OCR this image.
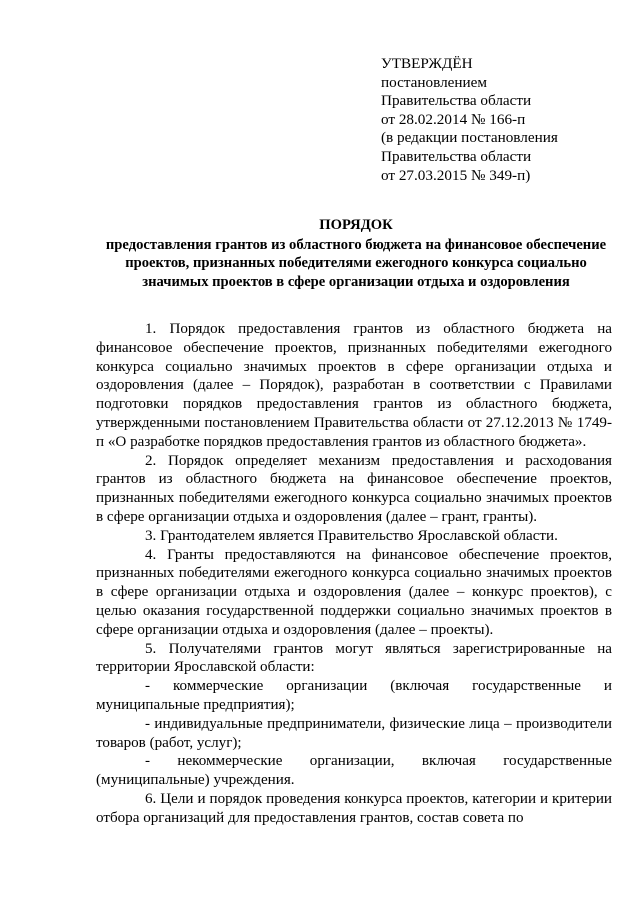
УТВЕРЖДЁН
постановлением
Правительства области
от 28.02.2014 № 166-п
(в редакции постановления
Правительства области
от 27.03.2015 № 349-п)
ПОРЯДОК
предоставления грантов из областного бюджета на финансовое обеспечение проектов, признанных победителями ежегодного конкурса социально значимых проектов в сфере организации отдыха и оздоровления

1. Порядок предоставления грантов из областного бюджета на финансовое обеспечение проектов, признанных победителями ежегодного конкурса социально значимых проектов в сфере организации отдыха и оздоровления (далее – Порядок), разработан в соответствии с Правилами подготовки порядков предоставления грантов из областного бюджета, утвержденными постановлением Правительства области от 27.12.2013 № 1749-п «О разработке порядков предоставления грантов из областного бюджета».

2. Порядок определяет механизм предоставления и расходования грантов из областного бюджета на финансовое обеспечение проектов, признанных победителями ежегодного конкурса социально значимых проектов в сфере организации отдыха и оздоровления (далее – грант, гранты).

3. Грантодателем является Правительство Ярославской области.

4. Гранты предоставляются на финансовое обеспечение проектов, признанных победителями ежегодного конкурса социально значимых проектов в сфере организации отдыха и оздоровления (далее – конкурс проектов), с целью оказания государственной поддержки социально значимых проектов в сфере организации отдыха и оздоровления (далее – проекты).

5. Получателями грантов могут являться зарегистрированные на территории Ярославской области:

- коммерческие организации (включая государственные и муниципальные предприятия);

- индивидуальные предприниматели, физические лица – производители товаров (работ, услуг);

- некоммерческие организации, включая государственные (муниципальные) учреждения.

6. Цели и порядок проведения конкурса проектов, категории и критерии отбора организаций для предоставления грантов, состав совета по
